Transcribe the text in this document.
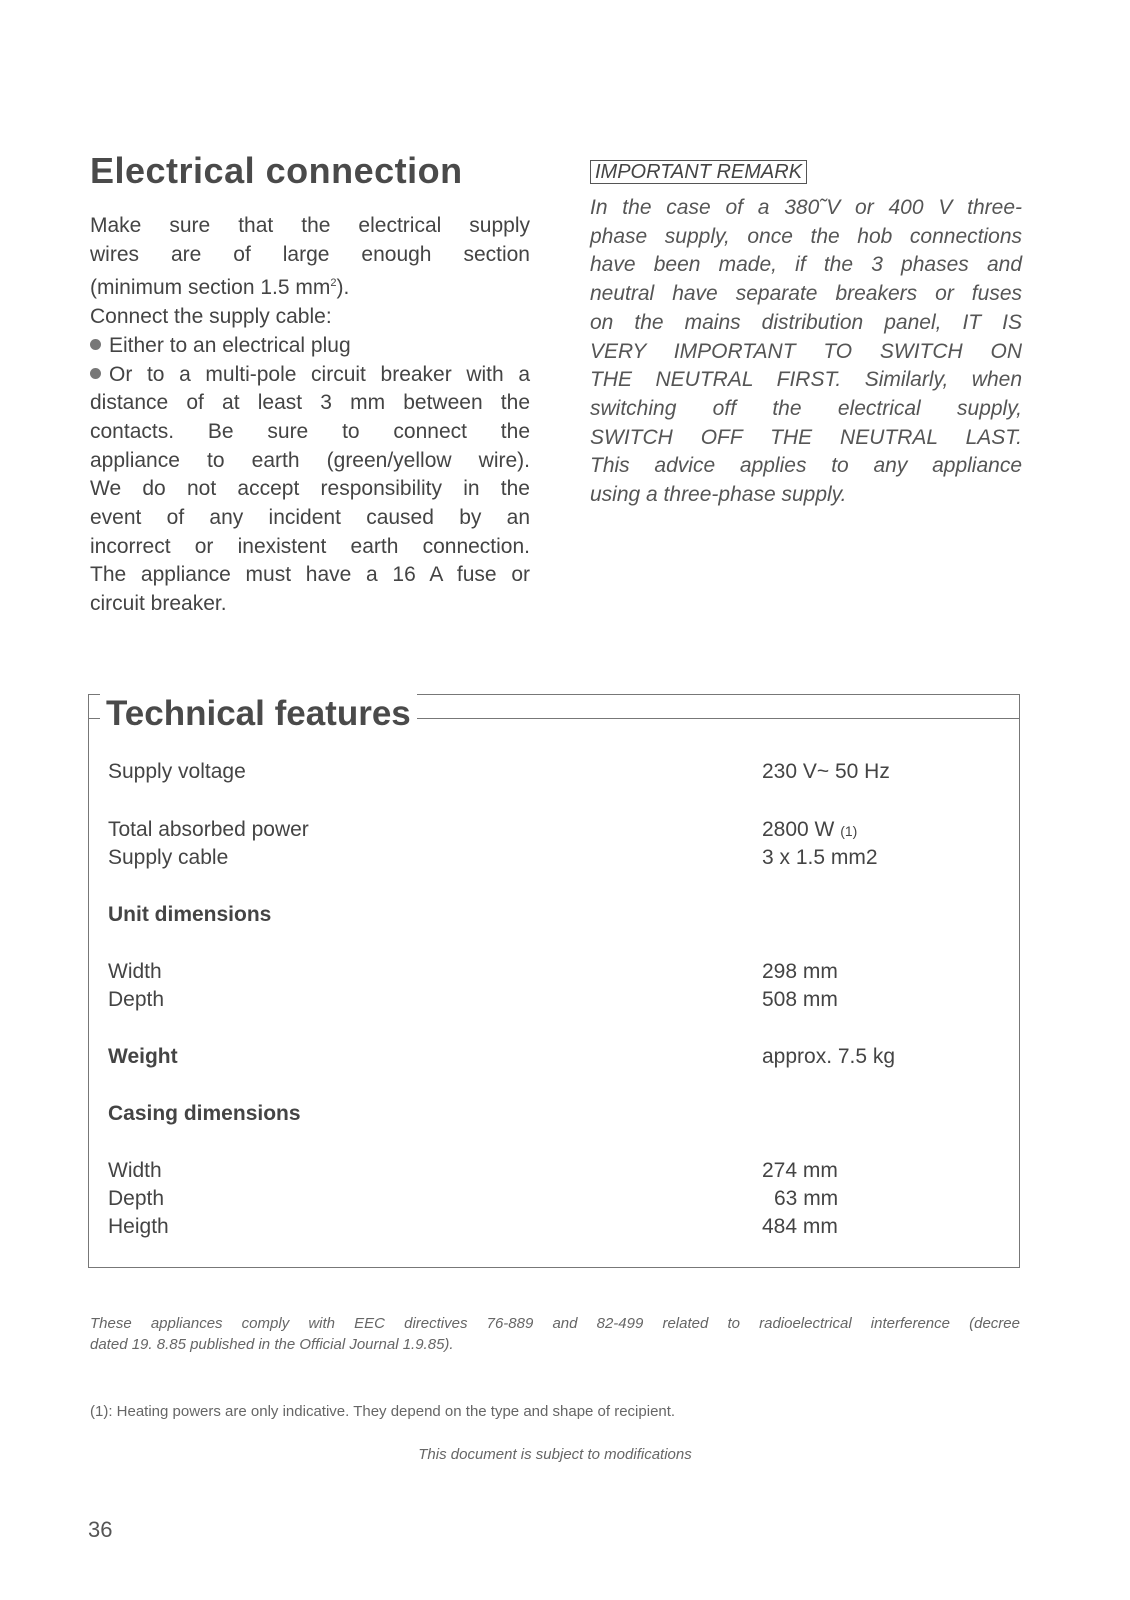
Electrical connection

Make sure that the electrical supply

wires are of large enough section

(minimum section 1.5 $mm^2$).

Connect the supply cable:

Either to an electrical plug

Or to a multi-pole circuit breaker with a

distance of at least 3 mm between the

contacts. Be sure to connect the

appliance to earth (green/yellow wire).

We do not accept responsibility in the

event of any incident caused by an

incorrect or inexistent earth connection.

The appliance must have a 16 A fuse or

circuit breaker.

IMPORTANT REMARK

In the case of a 380˜V or 400 V three-

phase supply, once the hob connections

have been made, if the 3 phases and

neutral have separate breakers or fuses

on the mains distribution panel, IT IS

VERY IMPORTANT TO SWITCH ON

THE NEUTRAL FIRST. Similarly, when

switching off the electrical supply,

SWITCH OFF THE NEUTRAL LAST.

This advice applies to any appliance

using a three-phase supply.

Technical features
Supply voltage	230 V~ 50 Hz
Total absorbed power	2800 W (1)
Supply cable	3 x 1.5 mm2
Unit dimensions
Width	298 mm
Depth	508 mm
Weight	approx. 7.5 kg
Casing dimensions
Width	274 mm
Depth	63 mm
Heigth	484 mm
These appliances comply with EEC directives 76-889 and 82-499 related to radioelectrical interference (decree
dated 19. 8.85 published in the Official Journal 1.9.85).
(1): Heating powers are only indicative. They depend on the type and shape of recipient.
This document is subject to modifications
36
